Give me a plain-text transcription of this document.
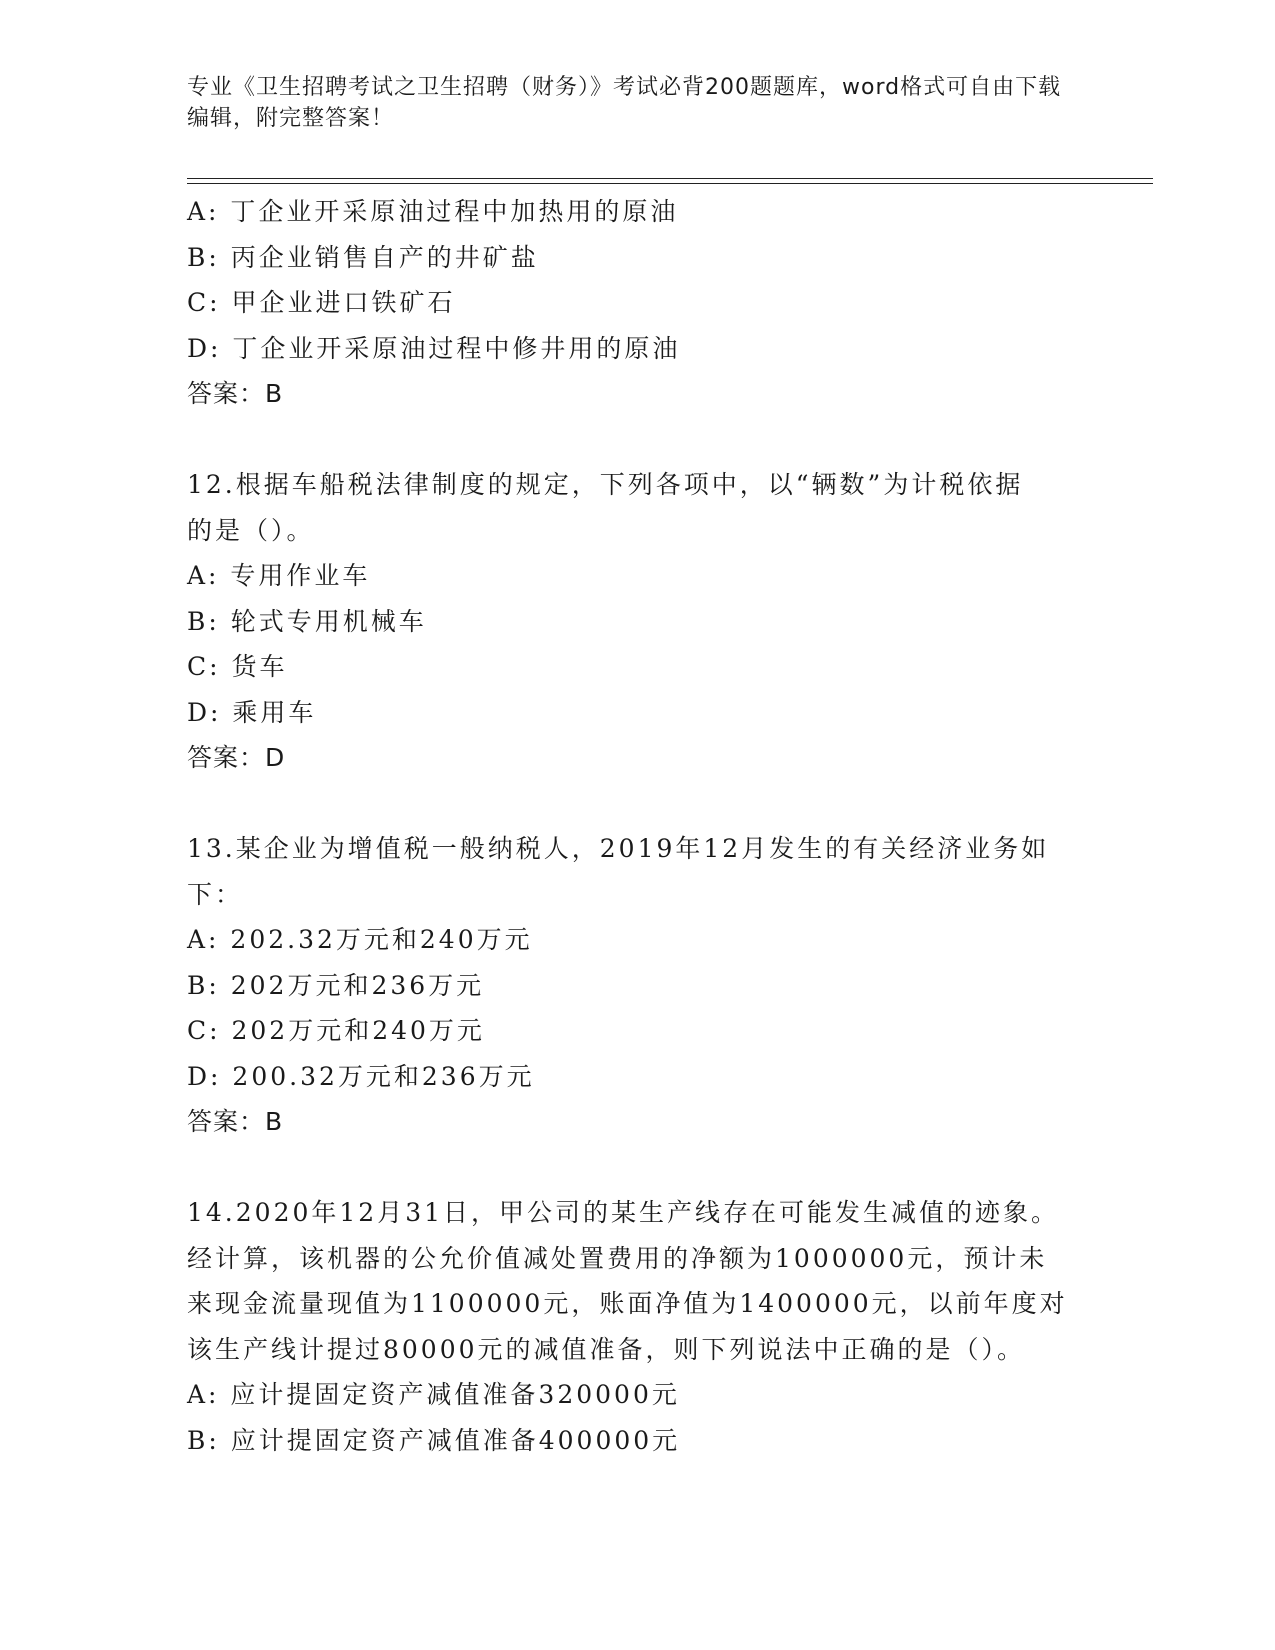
专业《卫生招聘考试之卫生招聘（财务）》考试必背200题题库，word格式可自由下载编辑，附完整答案！
A: 丁企业开采原油过程中加热用的原油
B: 丙企业销售自产的井矿盐
C: 甲企业进口铁矿石
D: 丁企业开采原油过程中修井用的原油
答案：B
12.根据车船税法律制度的规定，下列各项中，以“辆数”为计税依据
的是（）。
A: 专用作业车
B: 轮式专用机械车
C: 货车
D: 乘用车
答案：D
13.某企业为增值税一般纳税人，2019年12月发生的有关经济业务如
下：
A: 202.32万元和240万元
B: 202万元和236万元
C: 202万元和240万元
D: 200.32万元和236万元
答案：B
14.2020年12月31日，甲公司的某生产线存在可能发生减值的迹象。
经计算，该机器的公允价值减处置费用的净额为1000000元，预计未
来现金流量现值为1100000元，账面净值为1400000元，以前年度对
该生产线计提过80000元的减值准备，则下列说法中正确的是（）。
A: 应计提固定资产减值准备320000元
B: 应计提固定资产减值准备400000元
